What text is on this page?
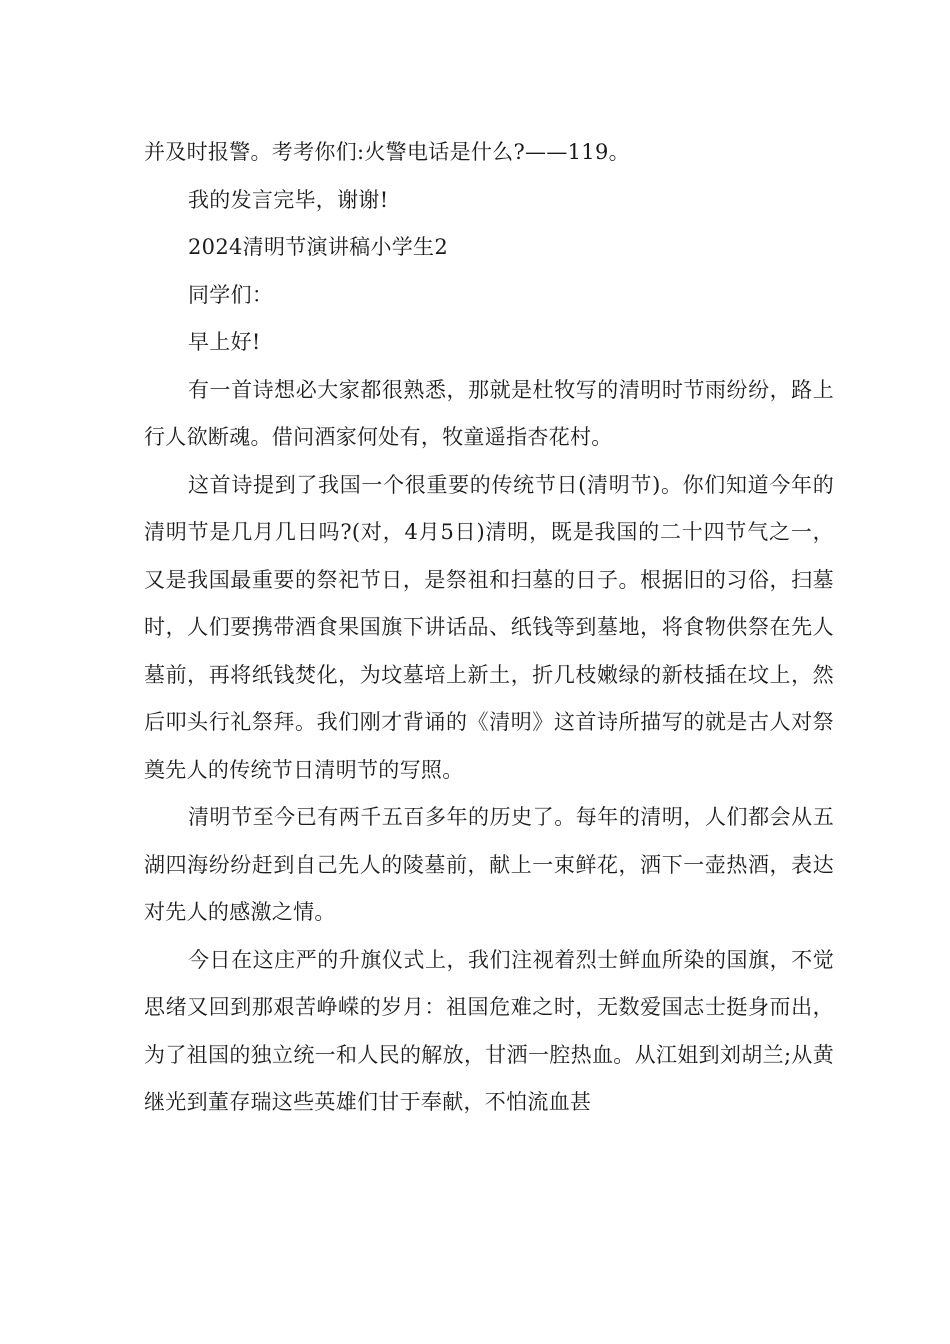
并及时报警。考考你们:火警电话是什么?——119。

我的发言完毕，谢谢!

2024清明节演讲稿小学生2

同学们：

早上好!

有一首诗想必大家都很熟悉，那就是杜牧写的清明时节雨纷纷，路上行人欲断魂。借问酒家何处有，牧童遥指杏花村。

这首诗提到了我国一个很重要的传统节日(清明节)。你们知道今年的清明节是几月几日吗?(对，4月5日)清明，既是我国的二十四节气之一，又是我国最重要的祭祀节日，是祭祖和扫墓的日子。根据旧的习俗，扫墓时，人们要携带酒食果国旗下讲话品、纸钱等到墓地，将食物供祭在先人墓前，再将纸钱焚化，为坟墓培上新土，折几枝嫩绿的新枝插在坟上，然后叩头行礼祭拜。我们刚才背诵的《清明》这首诗所描写的就是古人对祭奠先人的传统节日清明节的写照。

清明节至今已有两千五百多年的历史了。每年的清明，人们都会从五湖四海纷纷赶到自己先人的陵墓前，献上一束鲜花，洒下一壶热酒，表达对先人的感激之情。

今日在这庄严的升旗仪式上，我们注视着烈士鲜血所染的国旗，不觉思绪又回到那艰苦峥嵘的岁月：祖国危难之时，无数爱国志士挺身而出，为了祖国的独立统一和人民的解放，甘洒一腔热血。从江姐到刘胡兰;从黄继光到董存瑞这些英雄们甘于奉献，不怕流血甚
